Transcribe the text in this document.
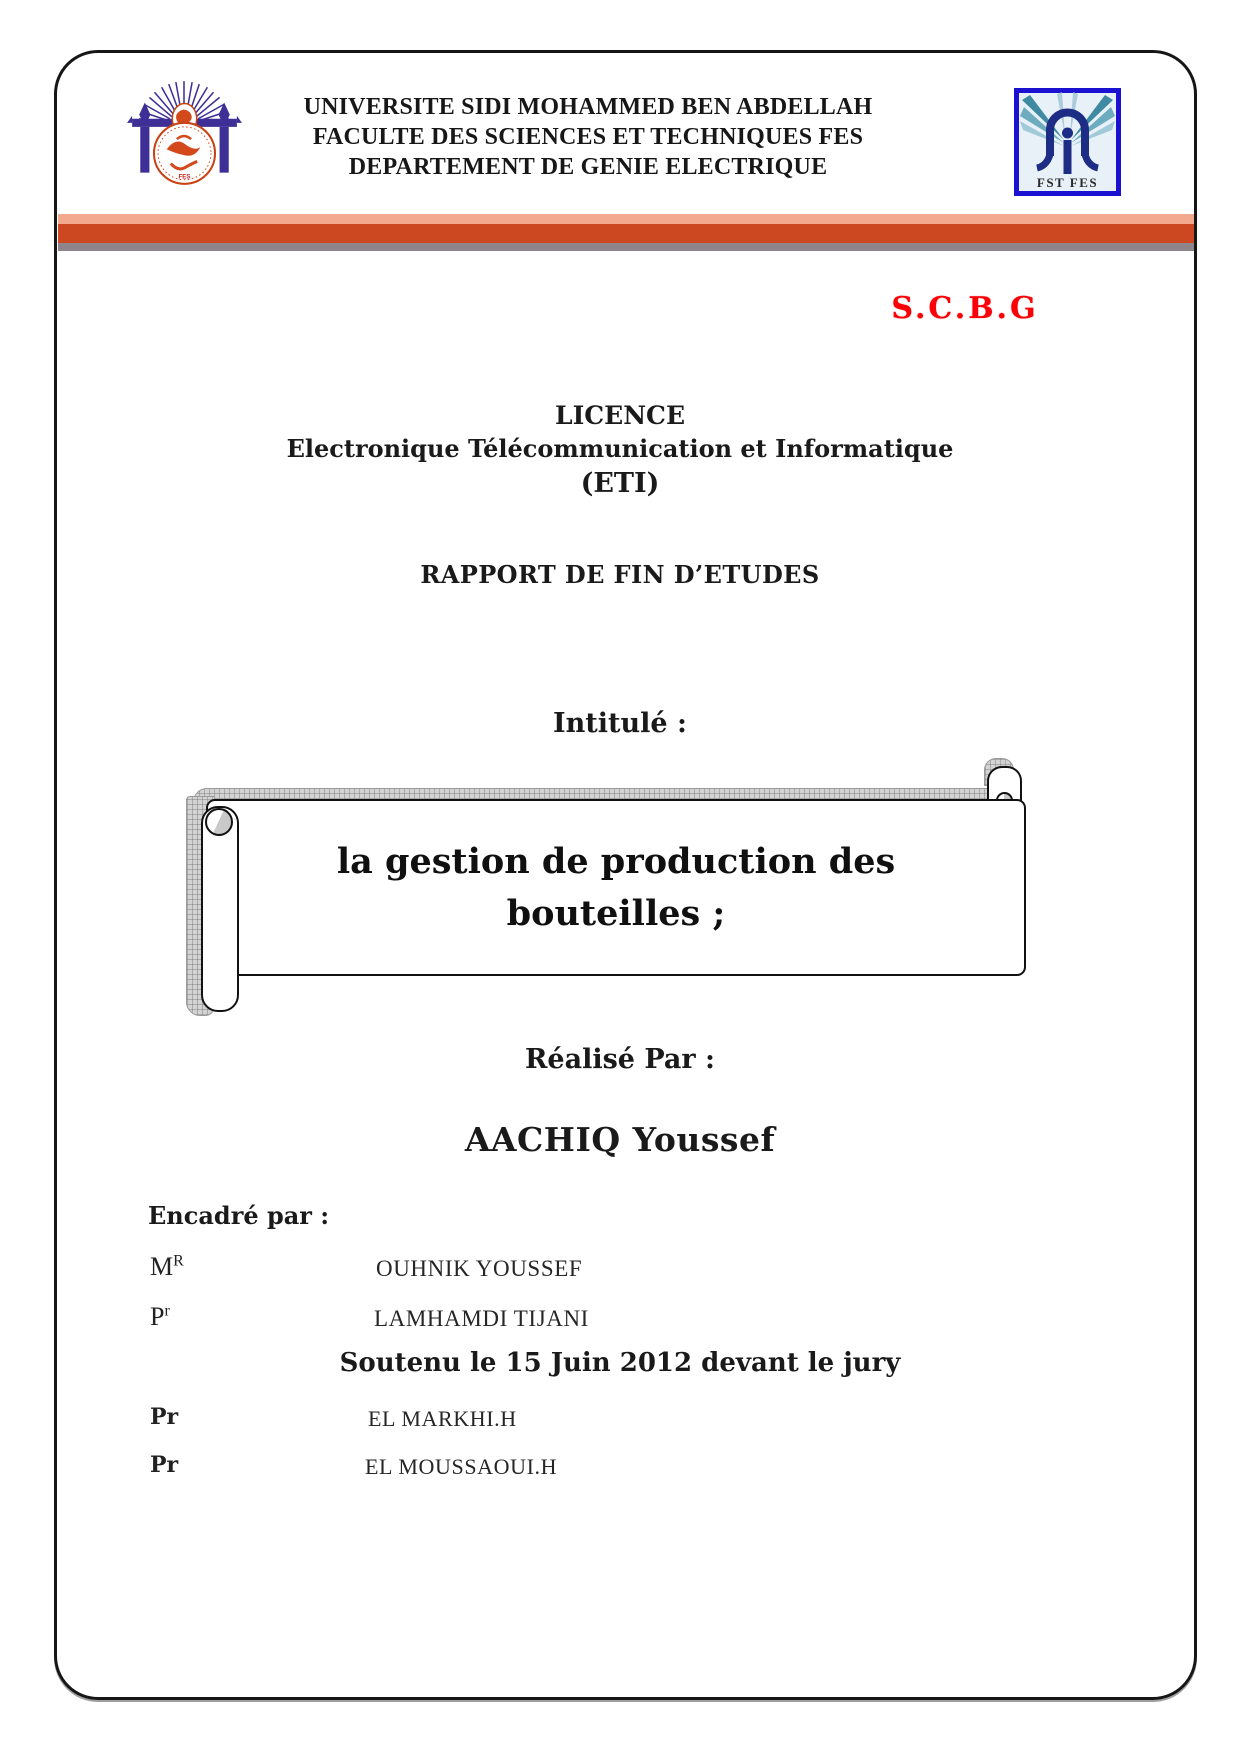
FES
UNIVERSITE SIDI MOHAMMED BEN ABDELLAH
FACULTE DES SCIENCES ET TECHNIQUES FES
DEPARTEMENT DE GENIE ELECTRIQUE
FST FES
S.C.B.G
LICENCE
Electronique Télécommunication et Informatique
(ETI)
RAPPORT DE FIN D’ETUDES
Intitulé :
la gestion de production des
bouteilles ;
Réalisé Par :
AACHIQ Youssef
Encadré par :
$M^R$	OUHNIK YOUSSEF
$P^r$	LAMHAMDI TIJANI
Soutenu le 15 Juin 2012 devant le jury
Pr	EL MARKHI.H
Pr	EL MOUSSAOUI.H
